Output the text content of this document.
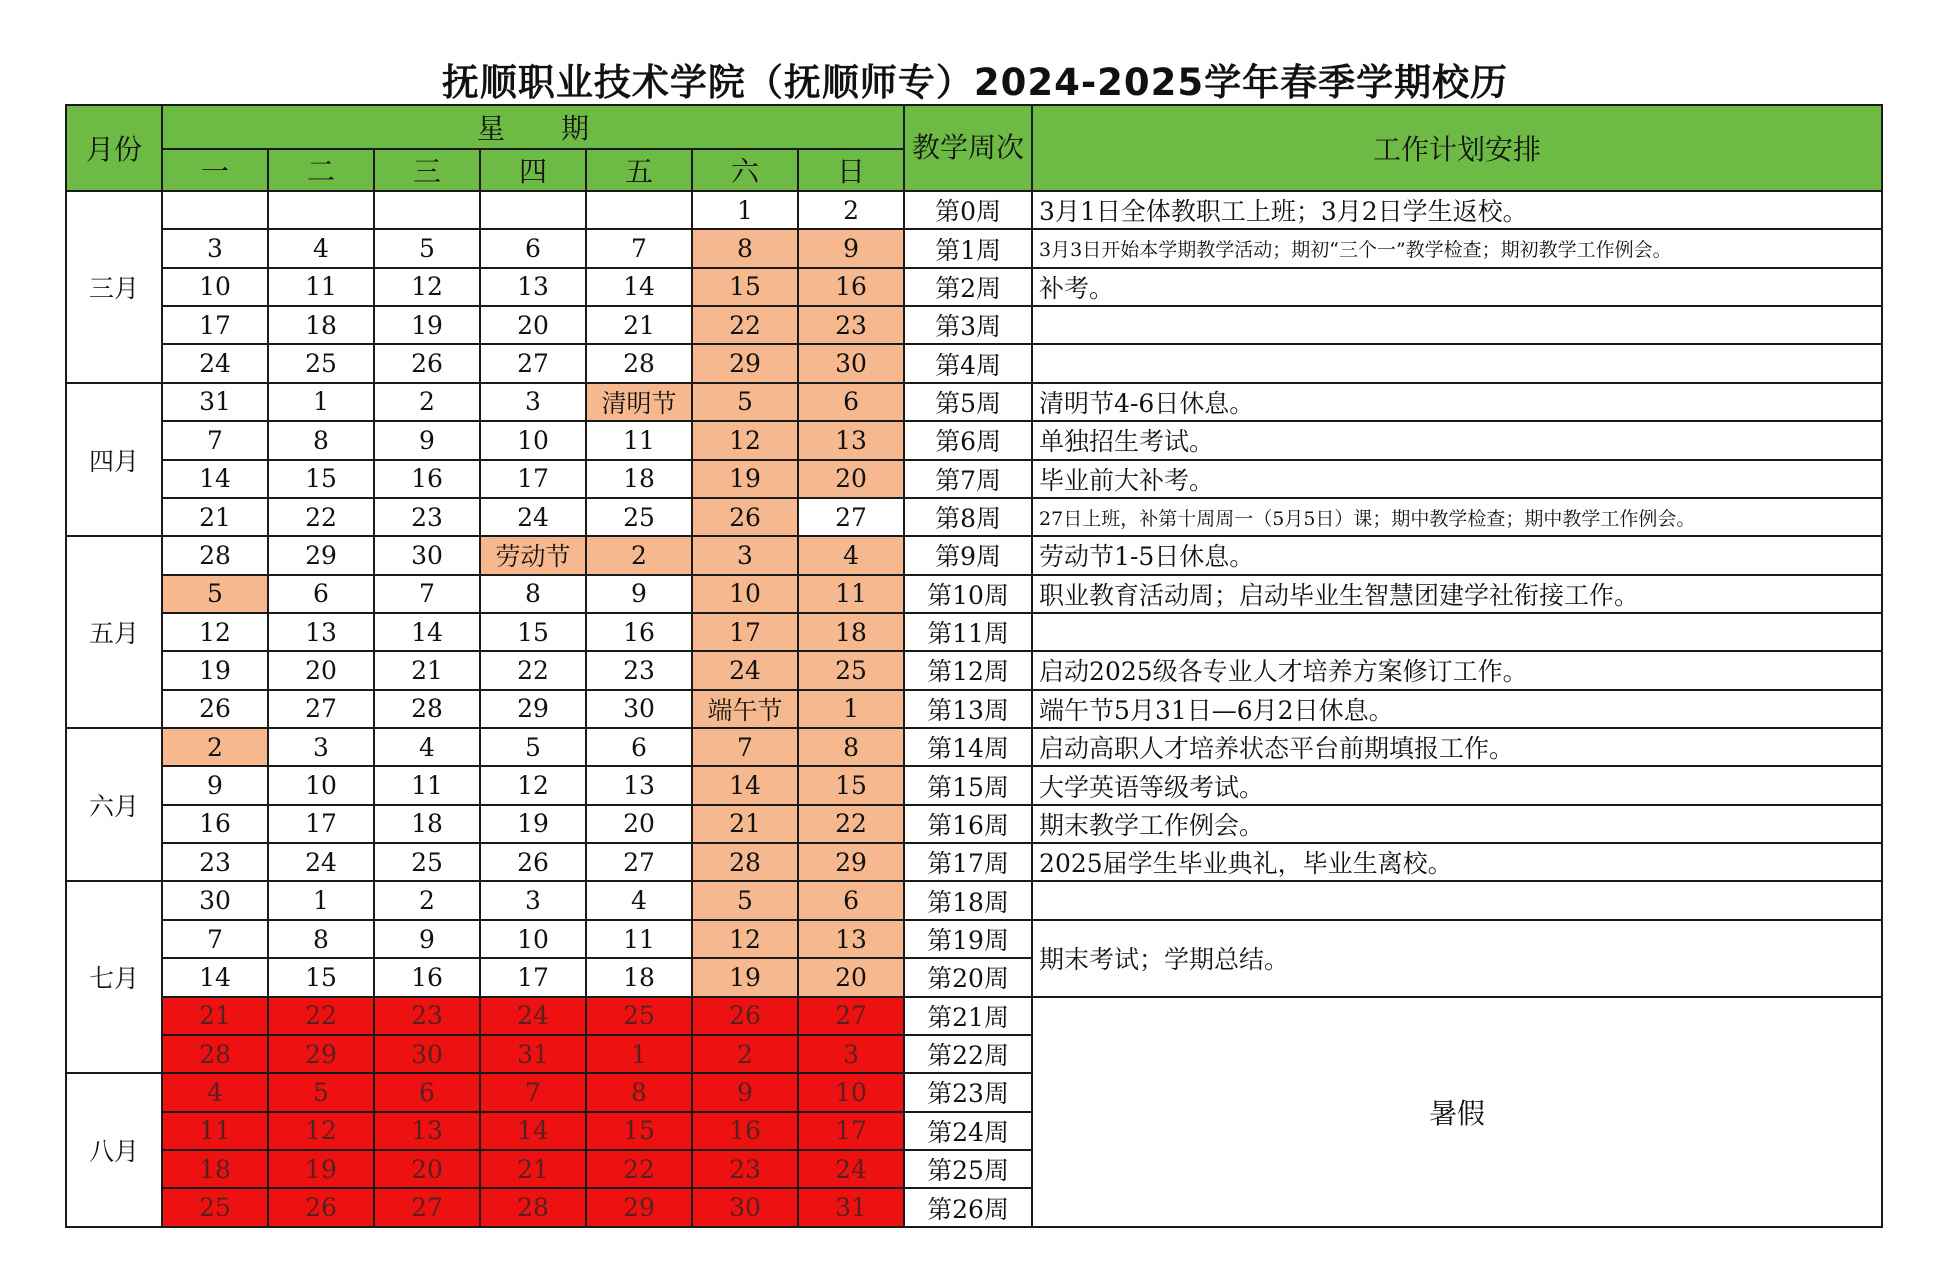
抚顺职业技术学院（抚顺师专）2024-2025学年春季学期校历
月份	星　　期							教学周次	工作计划安排
	一	二	三	四	五	六	日		
三月						1	2	第0周	3月1日全体教职工上班；3月2日学生返校。
	3	4	5	6	7	8	9	第1周	3月3日开始本学期教学活动；期初“三个一”教学检查；期初教学工作例会。
	10	11	12	13	14	15	16	第2周	补考。
	17	18	19	20	21	22	23	第3周	
	24	25	26	27	28	29	30	第4周	
四月	31	1	2	3	清明节	5	6	第5周	清明节4-6日休息。
	7	8	9	10	11	12	13	第6周	单独招生考试。
	14	15	16	17	18	19	20	第7周	毕业前大补考。
	21	22	23	24	25	26	27	第8周	27日上班，补第十周周一（5月5日）课；期中教学检查；期中教学工作例会。
五月	28	29	30	劳动节	2	3	4	第9周	劳动节1-5日休息。
	5	6	7	8	9	10	11	第10周	职业教育活动周；启动毕业生智慧团建学社衔接工作。
	12	13	14	15	16	17	18	第11周	
	19	20	21	22	23	24	25	第12周	启动2025级各专业人才培养方案修订工作。
	26	27	28	29	30	端午节	1	第13周	端午节5月31日—6月2日休息。
六月	2	3	4	5	6	7	8	第14周	启动高职人才培养状态平台前期填报工作。
	9	10	11	12	13	14	15	第15周	大学英语等级考试。
	16	17	18	19	20	21	22	第16周	期末教学工作例会。
	23	24	25	26	27	28	29	第17周	2025届学生毕业典礼，毕业生离校。
七月	30	1	2	3	4	5	6	第18周	
	7	8	9	10	11	12	13	第19周	期末考试；学期总结。
	14	15	16	17	18	19	20	第20周	
	21	22	23	24	25	26	27	第21周	暑假
	28	29	30	31	1	2	3	第22周	
八月	4	5	6	7	8	9	10	第23周	
	11	12	13	14	15	16	17	第24周	
	18	19	20	21	22	23	24	第25周	
	25	26	27	28	29	30	31	第26周	
